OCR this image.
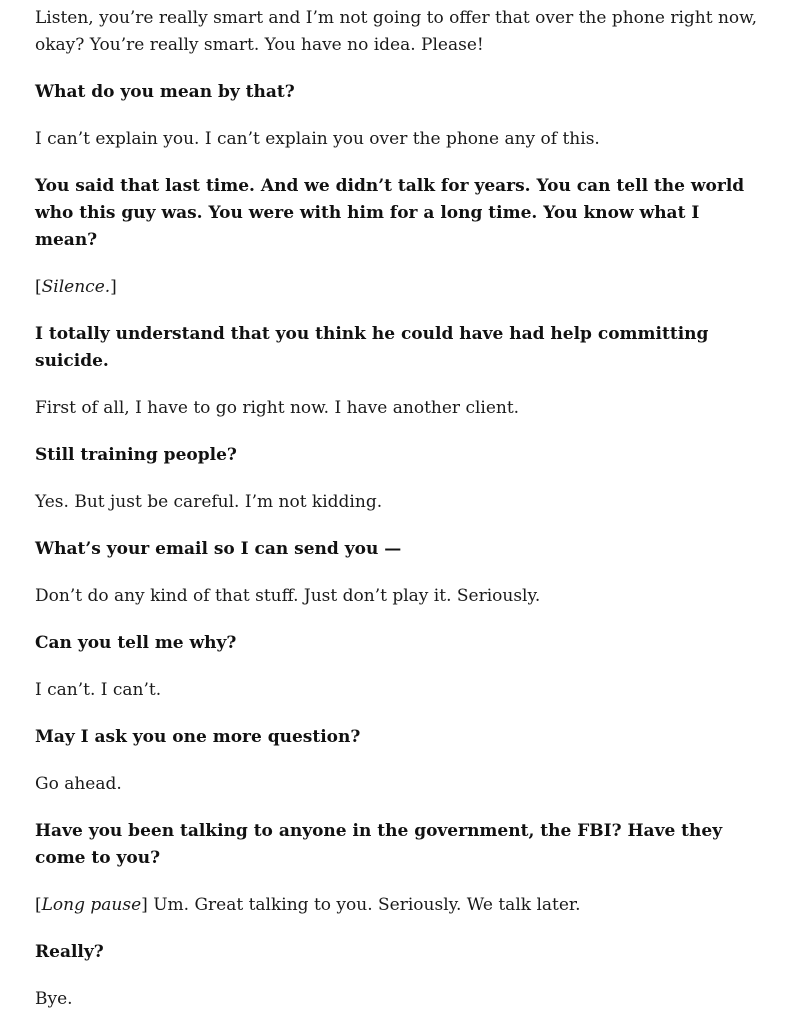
Listen, you’re really smart and I’m not going to offer that over the phone right now, okay? You’re really smart. You have no idea. Please!

What do you mean by that?

I can’t explain you. I can’t explain you over the phone any of this.

You said that last time. And we didn’t talk for years. You can tell the world who this guy was. You were with him for a long time. You know what I mean?

[Silence.]

I totally understand that you think he could have had help committing suicide.

First of all, I have to go right now. I have another client.

Still training people?

Yes. But just be careful. I’m not kidding.

What’s your email so I can send you —

Don’t do any kind of that stuff. Just don’t play it. Seriously.

Can you tell me why?

I can’t. I can’t.

May I ask you one more question?

Go ahead.

Have you been talking to anyone in the government, the FBI? Have they come to you?

[Long pause] Um. Great talking to you. Seriously. We talk later.

Really?

Bye.
